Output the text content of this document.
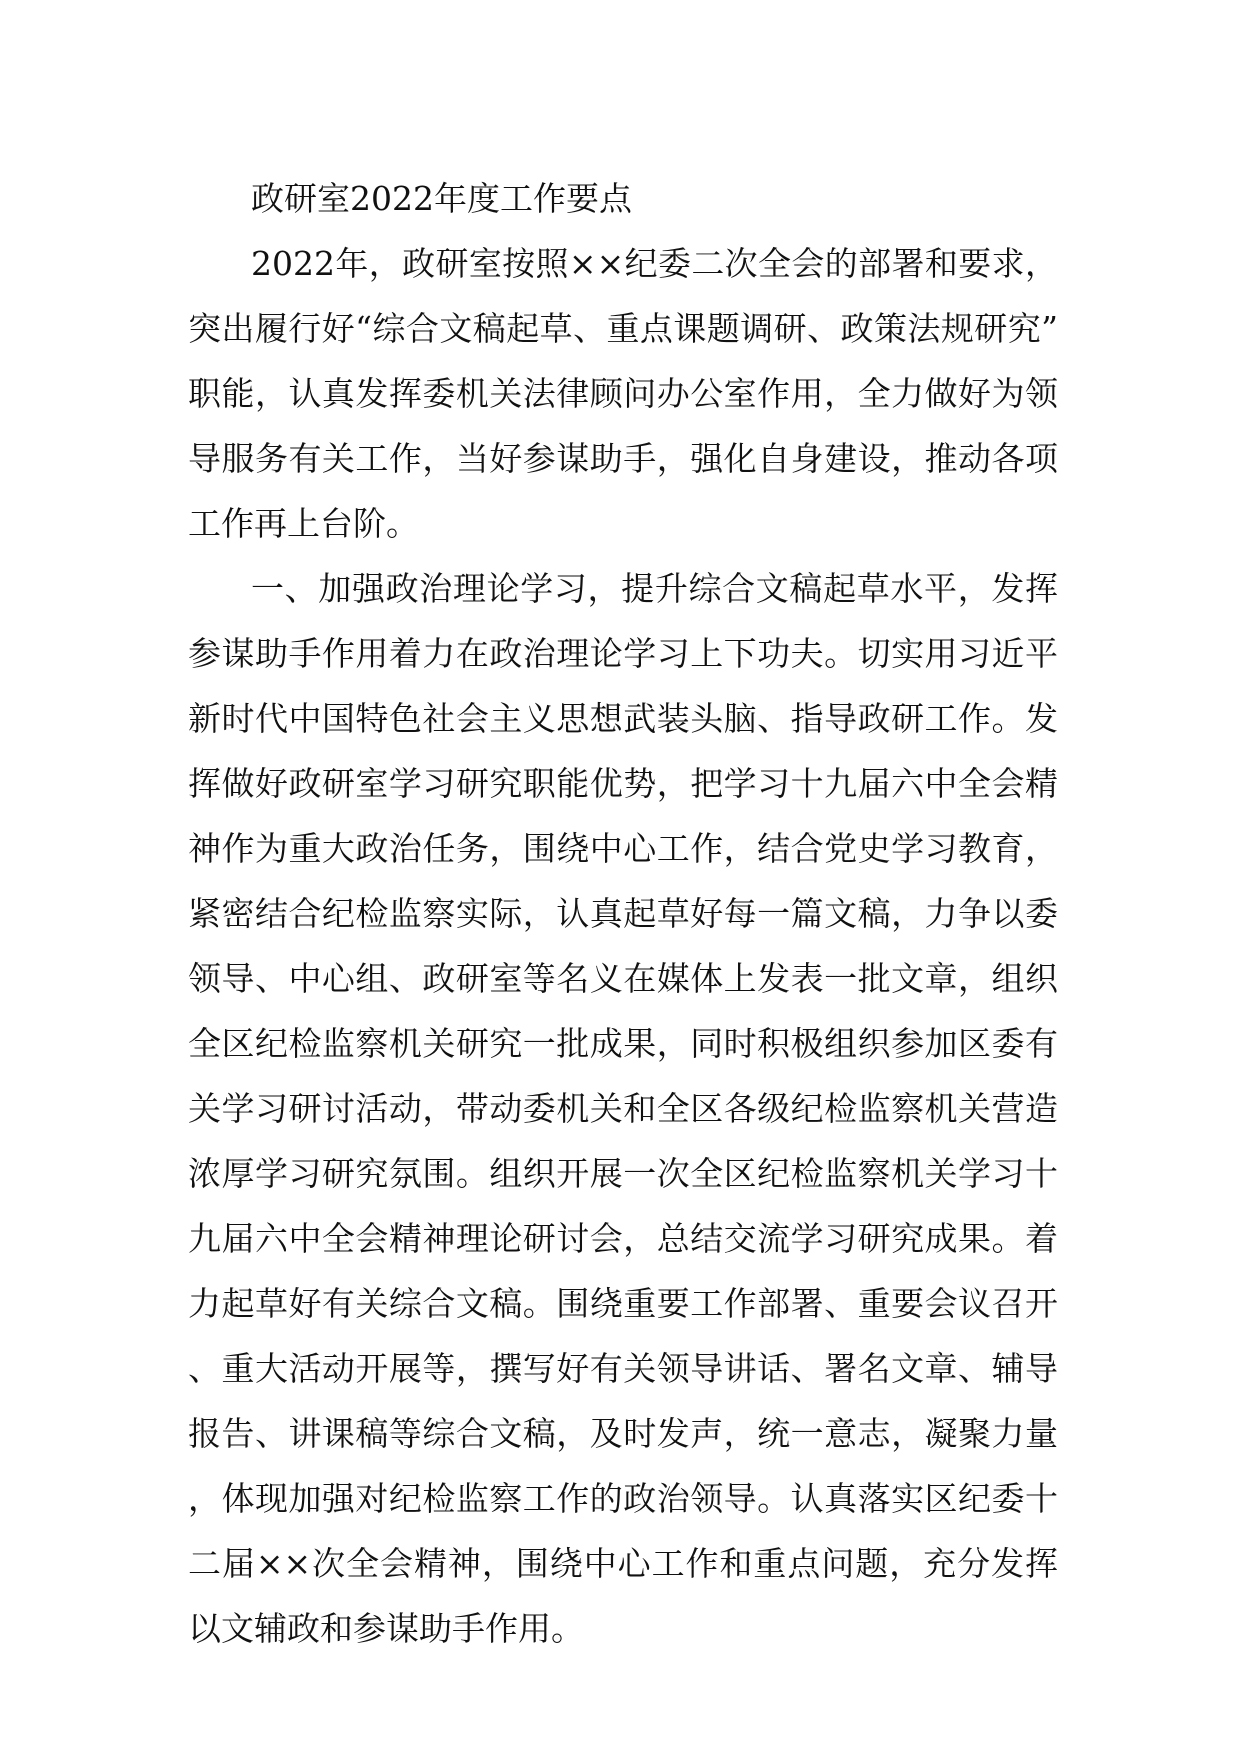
政研室2022年度工作要点

2022年，政研室按照××纪委二次全会的部署和要求，突出履行好“综合文稿起草、重点课题调研、政策法规研究”职能，认真发挥委机关法律顾问办公室作用，全力做好为领导服务有关工作，当好参谋助手，强化自身建设，推动各项工作再上台阶。

一、加强政治理论学习，提升综合文稿起草水平，发挥参谋助手作用着力在政治理论学习上下功夫。切实用习近平新时代中国特色社会主义思想武装头脑、指导政研工作。发挥做好政研室学习研究职能优势，把学习十九届六中全会精神作为重大政治任务，围绕中心工作，结合党史学习教育，紧密结合纪检监察实际，认真起草好每一篇文稿，力争以委领导、中心组、政研室等名义在媒体上发表一批文章，组织全区纪检监察机关研究一批成果，同时积极组织参加区委有关学习研讨活动，带动委机关和全区各级纪检监察机关营造浓厚学习研究氛围。组织开展一次全区纪检监察机关学习十九届六中全会精神理论研讨会，总结交流学习研究成果。着力起草好有关综合文稿。围绕重要工作部署、重要会议召开、重大活动开展等，撰写好有关领导讲话、署名文章、辅导报告、讲课稿等综合文稿，及时发声，统一意志，凝聚力量，体现加强对纪检监察工作的政治领导。认真落实区纪委十二届××次全会精神，围绕中心工作和重点问题，充分发挥以文辅政和参谋助手作用。
